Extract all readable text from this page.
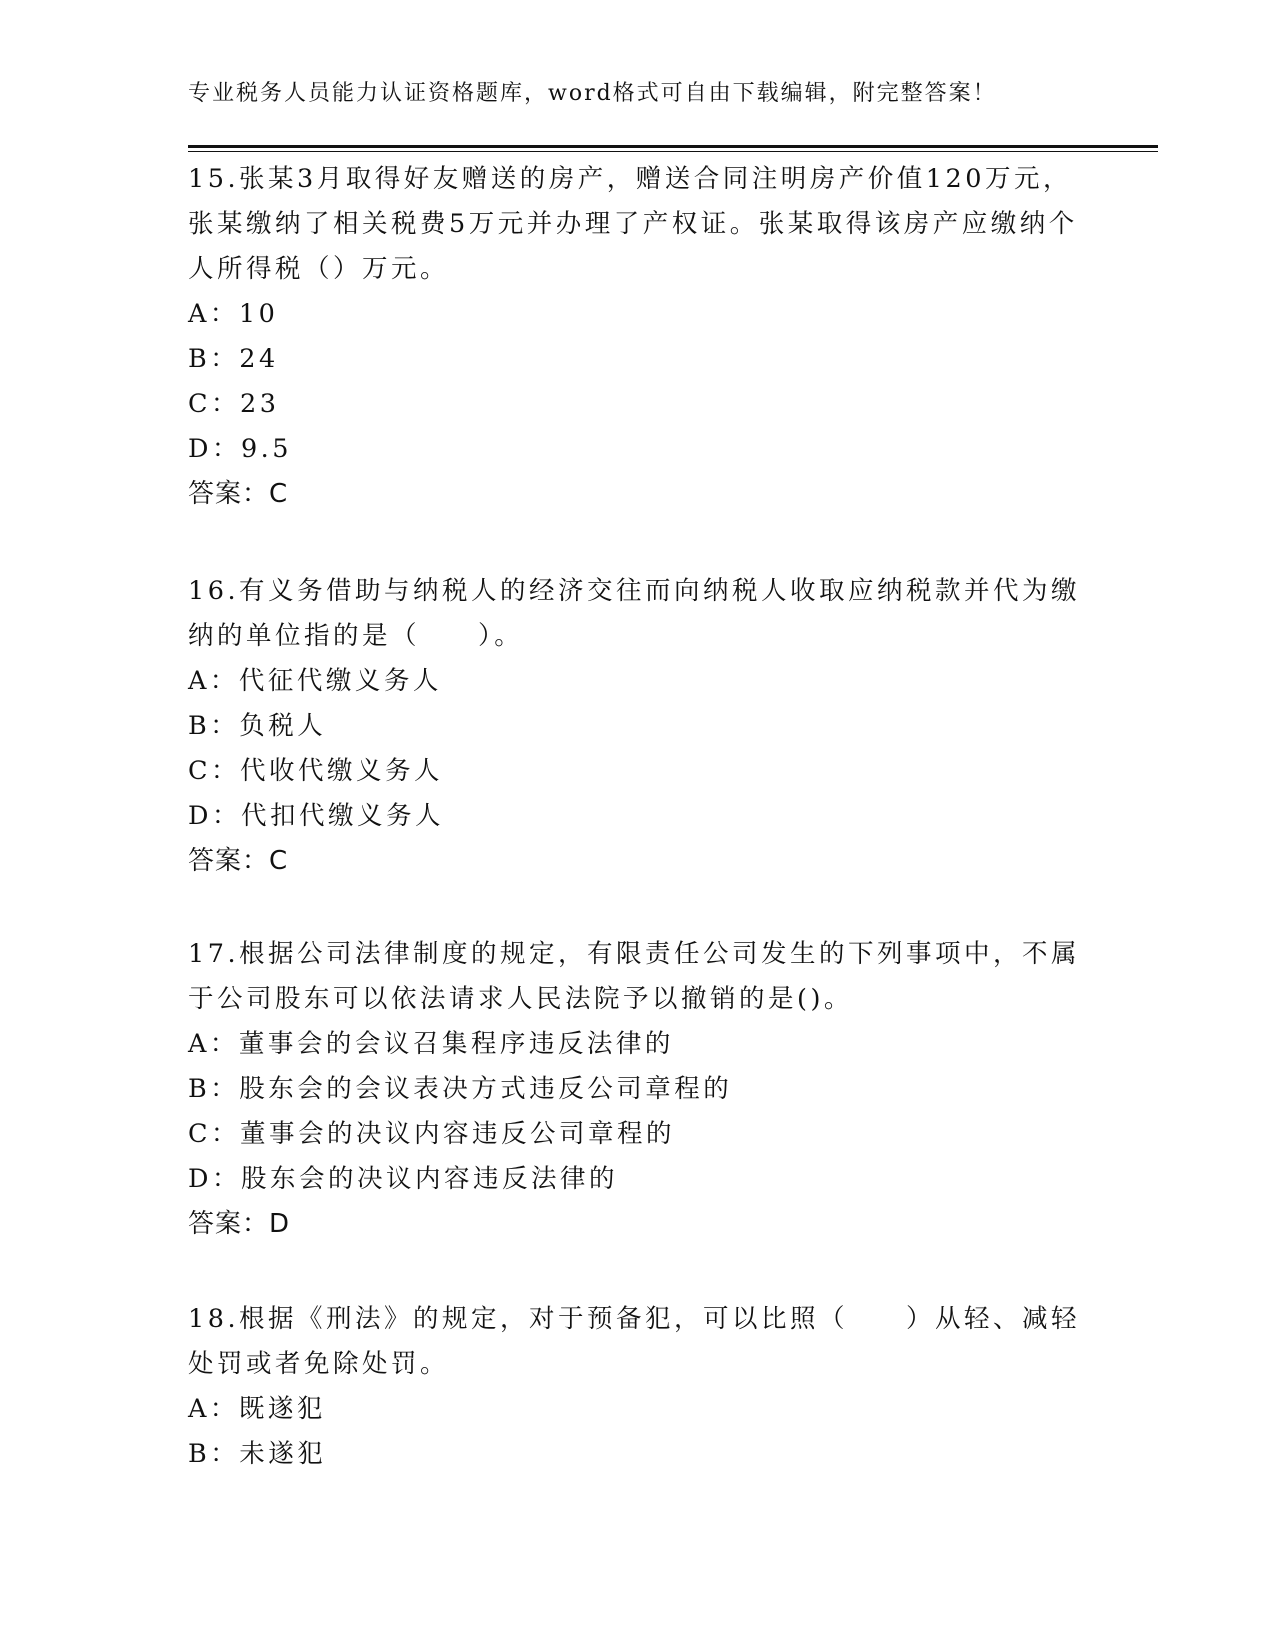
专业税务人员能力认证资格题库，word格式可自由下载编辑，附完整答案！

15.张某3月取得好友赠送的房产，赠送合同注明房产价值120万元，张某缴纳了相关税费5万元并办理了产权证。张某取得该房产应缴纳个人所得税（）万元。

A：10
B：24
C：23
D：9.5
答案：C

16.有义务借助与纳税人的经济交往而向纳税人收取应纳税款并代为缴纳的单位指的是（　　）。

A：代征代缴义务人
B：负税人
C：代收代缴义务人
D：代扣代缴义务人
答案：C

17.根据公司法律制度的规定，有限责任公司发生的下列事项中，不属于公司股东可以依法请求人民法院予以撤销的是()。

A：董事会的会议召集程序违反法律的
B：股东会的会议表决方式违反公司章程的
C：董事会的决议内容违反公司章程的
D：股东会的决议内容违反法律的
答案：D

18.根据《刑法》的规定，对于预备犯，可以比照（　　）从轻、减轻处罚或者免除处罚。

A：既遂犯
B：未遂犯
